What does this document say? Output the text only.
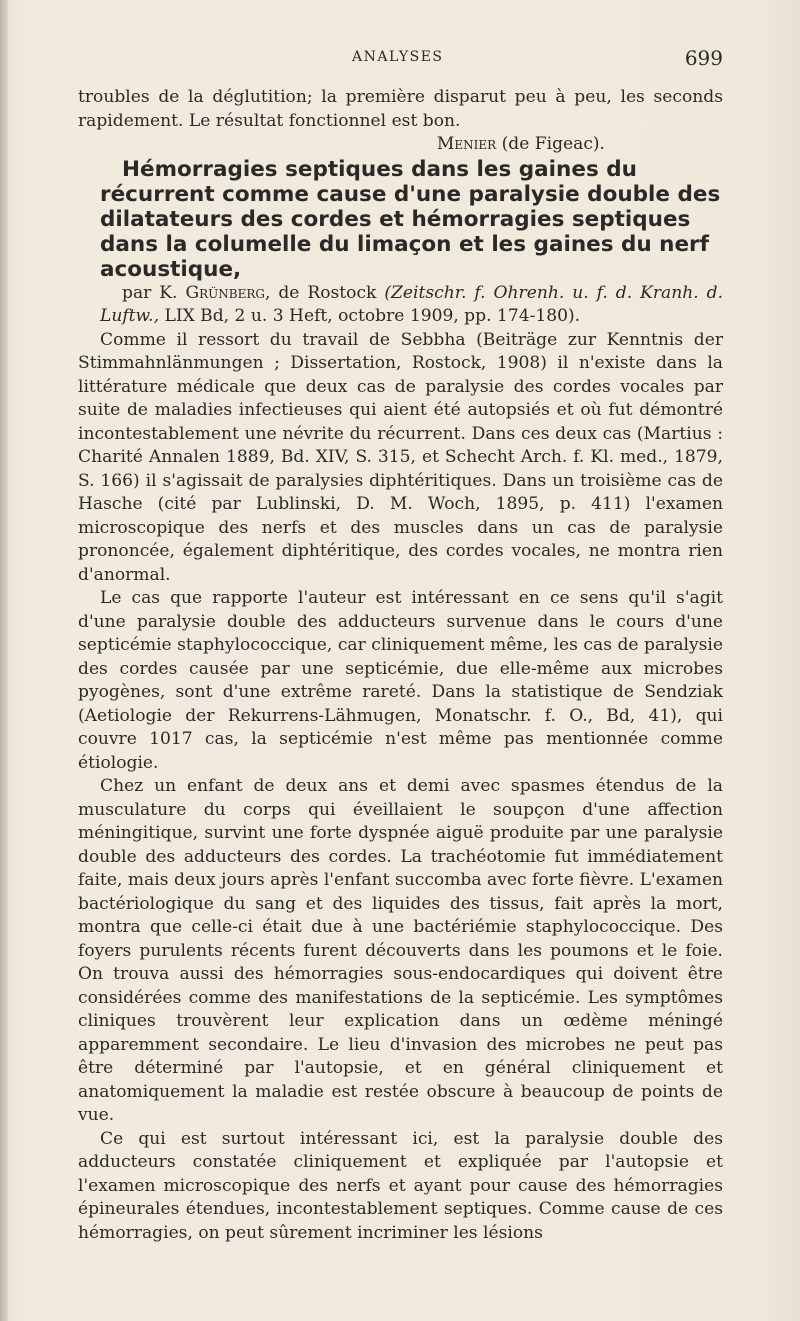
ANALYSES	699

troubles de la déglutition; la première disparut peu à peu, les seconds rapidement. Le résultat fonctionnel est bon.

Menier (de Figeac).

Hémorragies septiques dans les gaines du récurrent comme cause d'une paralysie double des dilatateurs des cordes et hémorragies septiques dans la columelle du limaçon et les gaines du nerf acoustique,

par K. Grünberg, de Rostock (Zeitschr. f. Ohrenh. u. f. d. Kranh. d. Luftw., LIX Bd, 2 u. 3 Heft, octobre 1909, pp. 174-180).

Comme il ressort du travail de Sebbha (Beiträge zur Kenntnis der Stimmahnlänmungen ; Dissertation, Rostock, 1908) il n'existe dans la littérature médicale que deux cas de paralysie des cordes vocales par suite de maladies infectieuses qui aient été autopsiés et où fut démontré incontestablement une névrite du récurrent. Dans ces deux cas (Martius : Charité Annalen 1889, Bd. XIV, S. 315, et Schecht Arch. f. Kl. med., 1879, S. 166) il s'agissait de paralysies diphtéritiques. Dans un troisième cas de Hasche (cité par Lublinski, D. M. Woch, 1895, p. 411) l'examen microscopique des nerfs et des muscles dans un cas de paralysie prononcée, également diphtéritique, des cordes vocales, ne montra rien d'anormal.

Le cas que rapporte l'auteur est intéressant en ce sens qu'il s'agit d'une paralysie double des adducteurs survenue dans le cours d'une septicémie staphylococcique, car cliniquement même, les cas de paralysie des cordes causée par une septicémie, due elle-même aux microbes pyogènes, sont d'une extrême rareté. Dans la statistique de Sendziak (Aetiologie der Rekurrens-Lähmugen, Monatschr. f. O., Bd, 41), qui couvre 1017 cas, la septicémie n'est même pas mentionnée comme étiologie.

Chez un enfant de deux ans et demi avec spasmes étendus de la musculature du corps qui éveillaient le soupçon d'une affection méningitique, survint une forte dyspnée aiguë produite par une paralysie double des adducteurs des cordes. La trachéotomie fut immédiatement faite, mais deux jours après l'enfant succomba avec forte fièvre. L'examen bactériologique du sang et des liquides des tissus, fait après la mort, montra que celle-ci était due à une bactériémie staphylococcique. Des foyers purulents récents furent découverts dans les poumons et le foie. On trouva aussi des hémorragies sous-endocardiques qui doivent être considérées comme des manifestations de la septicémie. Les symptômes cliniques trouvèrent leur explication dans un œdème méningé apparemment secondaire. Le lieu d'invasion des microbes ne peut pas être déterminé par l'autopsie, et en général cliniquement et anatomiquement la maladie est restée obscure à beaucoup de points de vue.

Ce qui est surtout intéressant ici, est la paralysie double des adducteurs constatée cliniquement et expliquée par l'autopsie et l'examen microscopique des nerfs et ayant pour cause des hémorragies épineurales étendues, incontestablement septiques. Comme cause de ces hémorragies, on peut sûrement incriminer les lésions
